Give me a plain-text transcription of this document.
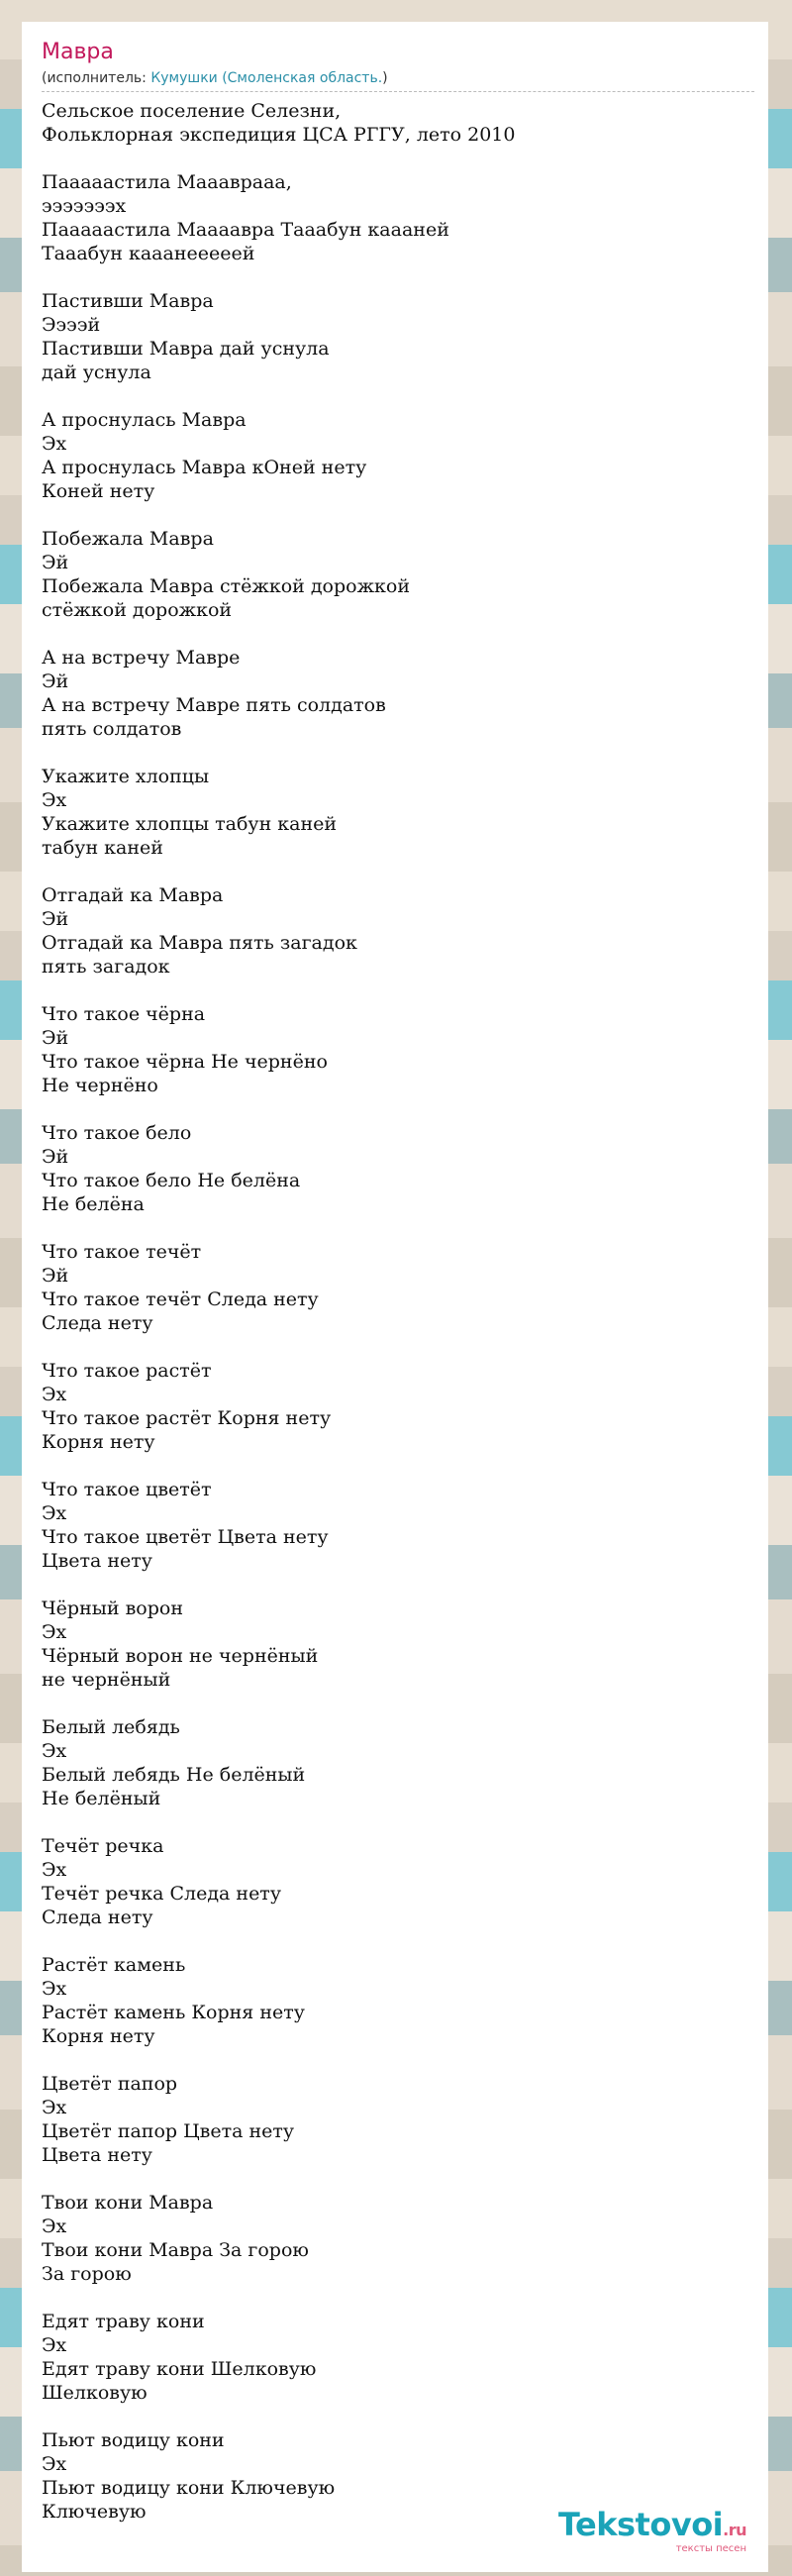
Мавра
(исполнитель: Кумушки (Смоленская область.)
Сельское поселение Селезни,
Фольклорная экспедиция ЦСА РГГУ, лето 2010
Пааааастила Маааврааа,
эээээээх
Пааааастила Маааавра Таaабун каааней
Таaабун кааанееееей
Паcтивши Мавра
Ээээй
Паcтивши Мавра дай уснула
дай уснула
А проснулась Мавра
Эх
А проснулась Мавра кОней нету
Коней нету
Побежала Мавра
Эй
Побежала Мавра стёжкой дорожкой
стёжкой дорожкой
А на встречу Мавре
Эй
А на встречу Мавре пять солдатов
пять солдатов
Укажите хлопцы
Эх
Укажите хлопцы табун каней
табун каней
Отгадай ка Мавра
Эй
Отгадай ка Мавра пять загадок
пять загадок
Что такое чёрна
Эй
Что такое чёрна Не чернёно
Не чернёно
Что такое бело
Эй
Что такое бело Не белёна
Не белёна
Что такое течёт
Эй
Что такое течёт Следа нету
Следа нету
Что такое растёт
Эх
Что такое растёт Корня нету
Корня нету
Что такое цветёт
Эх
Что такое цветёт Цвета нету
Цвета нету
Чёрный ворон
Эх
Чёрный ворон не чернёный
не чернёный
Белый лебядь
Эх
Белый лебядь Не белёный
Не белёный
Течёт речка
Эх
Течёт речка Следа нету
Следа нету
Растёт камень
Эх
Растёт камень Корня нету
Корня нету
Цветёт папор
Эх
Цветёт папор Цвета нету
Цвета нету
Твои кони Мавра
Эх
Твои кони Мавра За горою
За горою
Едят траву кони
Эх
Едят траву кони Шелковую
Шелковую
Пьют водицу кони
Эх
Пьют водицу кони Ключевую
Ключевую	Tekstovoi.ru
тексты песен
